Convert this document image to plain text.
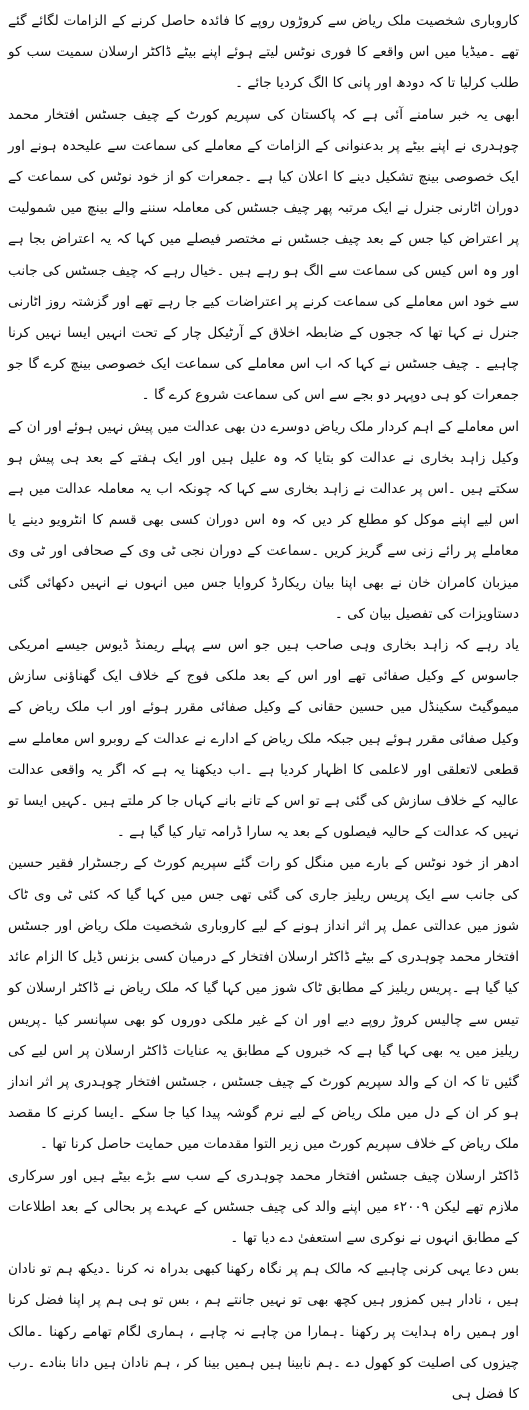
کاروباری شخصیت ملک ریاض سے کروڑوں روپے کا فائدہ حاصل کرنے کے الزامات لگائے گئے تھے ۔میڈیا میں اس واقعے کا فوری نوٹس لیتے ہوئے اپنے بیٹے ڈاکٹر ارسلان سمیت سب کو طلب کرلیا تا کہ دودھ اور پانی کا الگ کردیا جائے ۔

ابھی یہ خبر سامنے آئی ہے کہ پاکستان کی سپریم کورٹ کے چیف جسٹس افتخار محمد چوہدری نے اپنے بیٹے پر بدعنوانی کے الزامات کے معاملے کی سماعت سے علیحدہ ہونے اور ایک خصوصی بینچ تشکیل دینے کا اعلان کیا ہے ۔جمعرات کو از خود نوٹس کی سماعت کے دوران اٹارنی جنرل نے ایک مرتبہ پھر چیف جسٹس کی معاملہ سننے والے بینچ میں شمولیت پر اعتراض کیا جس کے بعد چیف جسٹس نے مختصر فیصلے میں کہا کہ یہ اعتراض بجا ہے اور وہ اس کیس کی سماعت سے الگ ہو رہے ہیں ۔خیال رہے کہ چیف جسٹس کی جانب سے خود اس معاملے کی سماعت کرنے پر اعتراضات کیے جا رہے تھے اور گزشتہ روز اٹارنی جنرل نے کہا تھا کہ ججوں کے ضابطہ اخلاق کے آرٹیکل چار کے تحت انہیں ایسا نہیں کرنا چاہیے ۔ چیف جسٹس نے کہا کہ اب اس معاملے کی سماعت ایک خصوصی بینچ کرے گا جو جمعرات کو ہی دوپہر دو بجے سے اس کی سماعت شروع کرے گا ۔

اس معاملے کے اہم کردار ملک ریاض دوسرے دن بھی عدالت میں پیش نہیں ہوئے اور ان کے وکیل زاہد بخاری نے عدالت کو بتایا کہ وہ علیل ہیں اور ایک ہفتے کے بعد ہی پیش ہو سکتے ہیں ۔اس پر عدالت نے زاہد بخاری سے کہا کہ چونکہ اب یہ معاملہ عدالت میں ہے اس لیے اپنے موکل کو مطلع کر دیں کہ وہ اس دوران کسی بھی قسم کا انٹرویو دینے یا معاملے پر رائے زنی سے گریز کریں ۔سماعت کے دوران نجی ٹی وی کے صحافی اور ٹی وی میزبان کامران خان نے بھی اپنا بیان ریکارڈ کروایا جس میں انہوں نے انہیں دکھائی گئی دستاویزات کی تفصیل بیان کی ۔

یاد رہے کہ زاہد بخاری وہی صاحب ہیں جو اس سے پہلے ریمنڈ ڈیوس جیسے امریکی جاسوس کے وکیل صفائی تھے اور اس کے بعد ملکی فوج کے خلاف ایک گھناؤنی سازش میموگیٹ سکینڈل میں حسین حقانی کے وکیل صفائی مقرر ہوئے اور اب ملک ریاض کے وکیل صفائی مقرر ہوئے ہیں جبکہ ملک ریاض کے ادارے نے عدالت کے روبرو اس معاملے سے قطعی لاتعلقی اور لاعلمی کا اظہار کردیا ہے ۔اب دیکھنا یہ ہے کہ اگر یہ واقعی عدالت عالیہ کے خلاف سازش کی گئی ہے تو اس کے تانے بانے کہاں جا کر ملتے ہیں ۔کہیں ایسا تو نہیں کہ عدالت کے حالیہ فیصلوں کے بعد یہ سارا ڈرامہ تیار کیا گیا ہے ۔

ادھر از خود نوٹس کے بارے میں منگل کو رات گئے سپریم کورٹ کے رجسٹرار فقیر حسین کی جانب سے ایک پریس ریلیز جاری کی گئی تھی جس میں کہا گیا کہ کئی ٹی وی ٹاک شوز میں عدالتی عمل پر اثر انداز ہونے کے لیے کاروباری شخصیت ملک ریاض اور جسٹس افتخار محمد چوہدری کے بیٹے ڈاکٹر ارسلان افتخار کے درمیان کسی بزنس ڈیل کا الزام عائد کیا گیا ہے ۔پریس ریلیز کے مطابق ٹاک شوز میں کہا گیا کہ ملک ریاض نے ڈاکٹر ارسلان کو تیس سے چالیس کروڑ روپے دیے اور ان کے غیر ملکی دوروں کو بھی سپانسر کیا ۔پریس ریلیز میں یہ بھی کہا گیا ہے کہ خبروں کے مطابق یہ عنایات ڈاکٹر ارسلان پر اس لیے کی گئیں تا کہ ان کے والد سپریم کورٹ کے چیف جسٹس ، جسٹس افتخار چوہدری پر اثر انداز ہو کر ان کے دل میں ملک ریاض کے لیے نرم گوشہ پیدا کیا جا سکے ۔ایسا کرنے کا مقصد ملک ریاض کے خلاف سپریم کورٹ میں زیر التوا مقدمات میں حمایت حاصل کرنا تھا ۔

ڈاکٹر ارسلان چیف جسٹس افتخار محمد چوہدری کے سب سے بڑے بیٹے ہیں اور سرکاری ملازم تھے لیکن ٢٠٠٩ء میں اپنے والد کی چیف جسٹس کے عہدے پر بحالی کے بعد اطلاعات کے مطابق انہوں نے نوکری سے استعفیٰ دے دیا تھا ۔

بس دعا یہی کرنی چاہیے کہ مالک ہم پر نگاہ رکھنا کبھی بدراہ نہ کرنا ۔دیکھ ہم تو نادان ہیں ، نادار ہیں کمزور ہیں کچھ بھی تو نہیں جانتے ہم ، بس تو ہی ہم پر اپنا فضل کرنا اور ہمیں راہ ہدایت پر رکھنا ۔ہمارا من چاہے نہ چاہے ، ہماری لگام تھامے رکھنا ۔مالک چیزوں کی اصلیت کو کھول دے ۔ہم نابینا ہیں ہمیں بینا کر ، ہم نادان ہیں دانا بنادے ۔رب کا فضل ہی
